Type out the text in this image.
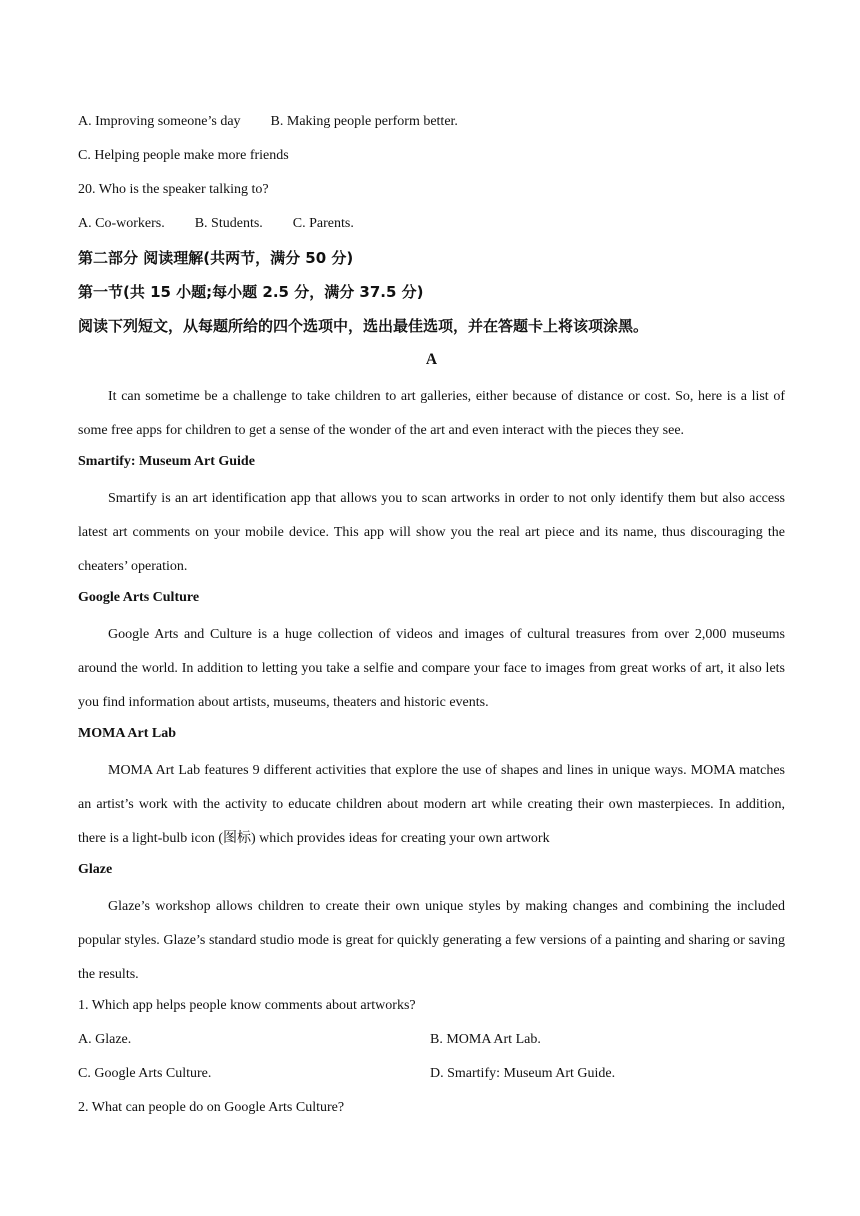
A. Improving someone’s day B. Making people perform better.
C. Helping people make more friends
20. Who is the speaker talking to?
A. Co-workers. B. Students. C. Parents.
第二部分 阅读理解(共两节，满分 50 分)
第一节(共 15 小题;每小题 2.5 分，满分 37.5 分)
阅读下列短文，从每题所给的四个选项中，选出最佳选项，并在答题卡上将该项涂黑。
A
It can sometime be a challenge to take children to art galleries, either because of distance or cost. So, here is a list of some free apps for children to get a sense of the wonder of the art and even interact with the pieces they see.
Smartify: Museum Art Guide
Smartify is an art identification app that allows you to scan artworks in order to not only identify them but also access latest art comments on your mobile device. This app will show you the real art piece and its name, thus discouraging the cheaters’ operation.
Google Arts Culture
Google Arts and Culture is a huge collection of videos and images of cultural treasures from over 2,000 museums around the world. In addition to letting you take a selfie and compare your face to images from great works of art, it also lets you find information about artists, museums, theaters and historic events.
MOMA Art Lab
MOMA Art Lab features 9 different activities that explore the use of shapes and lines in unique ways. MOMA matches an artist’s work with the activity to educate children about modern art while creating their own masterpieces. In addition, there is a light-bulb icon (图标) which provides ideas for creating your own artwork
Glaze
Glaze’s workshop allows children to create their own unique styles by making changes and combining the included popular styles. Glaze’s standard studio mode is great for quickly generating a few versions of a painting and sharing or saving the results.
1. Which app helps people know comments about artworks?
A. Glaze.	B. MOMA Art Lab.
C. Google Arts Culture.	D. Smartify: Museum Art Guide.
2. What can people do on Google Arts Culture?
